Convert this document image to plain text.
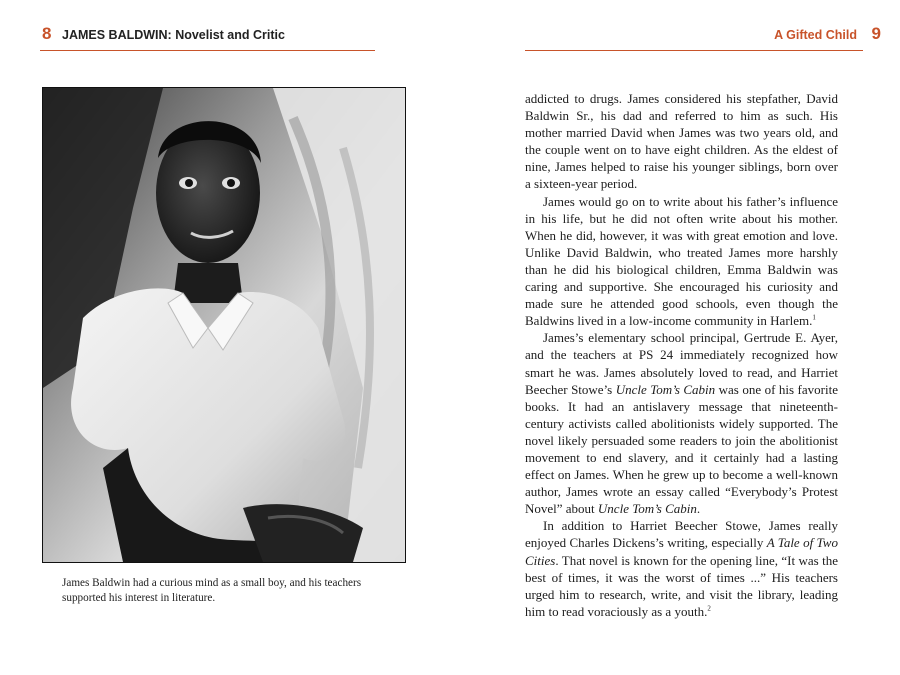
8 JAMES BALDWIN: Novelist and Critic
James Baldwin had a curious mind as a small boy, and his teachers supported his interest in literature.
A Gifted Child 9

addicted to drugs. James considered his stepfather, David Baldwin Sr., his dad and referred to him as such. His mother married David when James was two years old, and the couple went on to have eight children. As the eldest of nine, James helped to raise his younger siblings, born over a sixteen-year period.

James would go on to write about his father’s influence in his life, but he did not often write about his mother. When he did, however, it was with great emotion and love. Unlike David Baldwin, who treated James more harshly than he did his biological children, Emma Baldwin was caring and supportive. She encouraged his curiosity and made sure he attended good schools, even though the Baldwins lived in a low-income community in Harlem.$^1$

James’s elementary school principal, Gertrude E. Ayer, and the teachers at PS 24 immediately recognized how smart he was. James absolutely loved to read, and Harriet Beecher Stowe’s Uncle Tom’s Cabin was one of his favorite books. It had an antislavery message that nineteenth-century activists called abolitionists widely supported. The novel likely persuaded some readers to join the abolitionist movement to end slavery, and it certainly had a lasting effect on James. When he grew up to become a well-known author, James wrote an essay called “Everybody’s Protest Novel” about Uncle Tom’s Cabin.

In addition to Harriet Beecher Stowe, James really enjoyed Charles Dickens’s writing, especially A Tale of Two Cities. That novel is known for the opening line, “It was the best of times, it was the worst of times ...” His teachers urged him to research, write, and visit the library, leading him to read voraciously as a youth.$^2$
